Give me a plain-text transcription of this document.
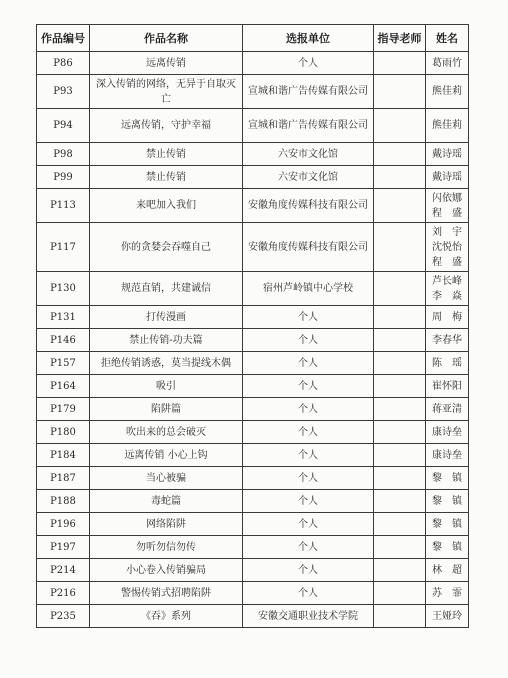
作品编号	作品名称	选报单位	指导老师	姓名
P86	远离传销	个人		葛雨竹

P93	深入传销的网络，无异于自取灭亡	宣城和谐广告传媒有限公司		熊佳莉

P94	远离传销，守护幸福	宣城和谐广告传媒有限公司		熊佳莉

P98	禁止传销	六安市文化馆		戴诗瑶

P99	禁止传销	六安市文化馆		戴诗瑶

P113	来吧加入我们	安徽角度传媒科技有限公司		闪依娜
程　盛

P117	你的贪婪会吞噬自己	安徽角度传媒科技有限公司		刘　宇
沈悦怡
程　盛

P130	规范直销，共建诚信	宿州芦岭镇中心学校		芦长峰
李　焱

P131	打传漫画	个人		周　梅

P146	禁止传销-功夫篇	个人		李春华

P157	拒绝传销诱惑，莫当提线木偶	个人		陈　瑶

P164	吸引	个人		崔怀阳

P179	陷阱篇	个人		蒋亚清

P180	吹出来的总会破灭	个人		康诗垒

P184	远离传销 小心上钩	个人		康诗垒

P187	当心被骗	个人		黎　镇

P188	毒蛇篇	个人		黎　镇

P196	网络陷阱	个人		黎　镇

P197	勿听勿信勿传	个人		黎　镇

P214	小心卷入传销骗局	个人		林　超

P216	警惕传销式招聘陷阱	个人		苏　霏

P235	《吞》系列	安徽交通职业技术学院		王娅玲
